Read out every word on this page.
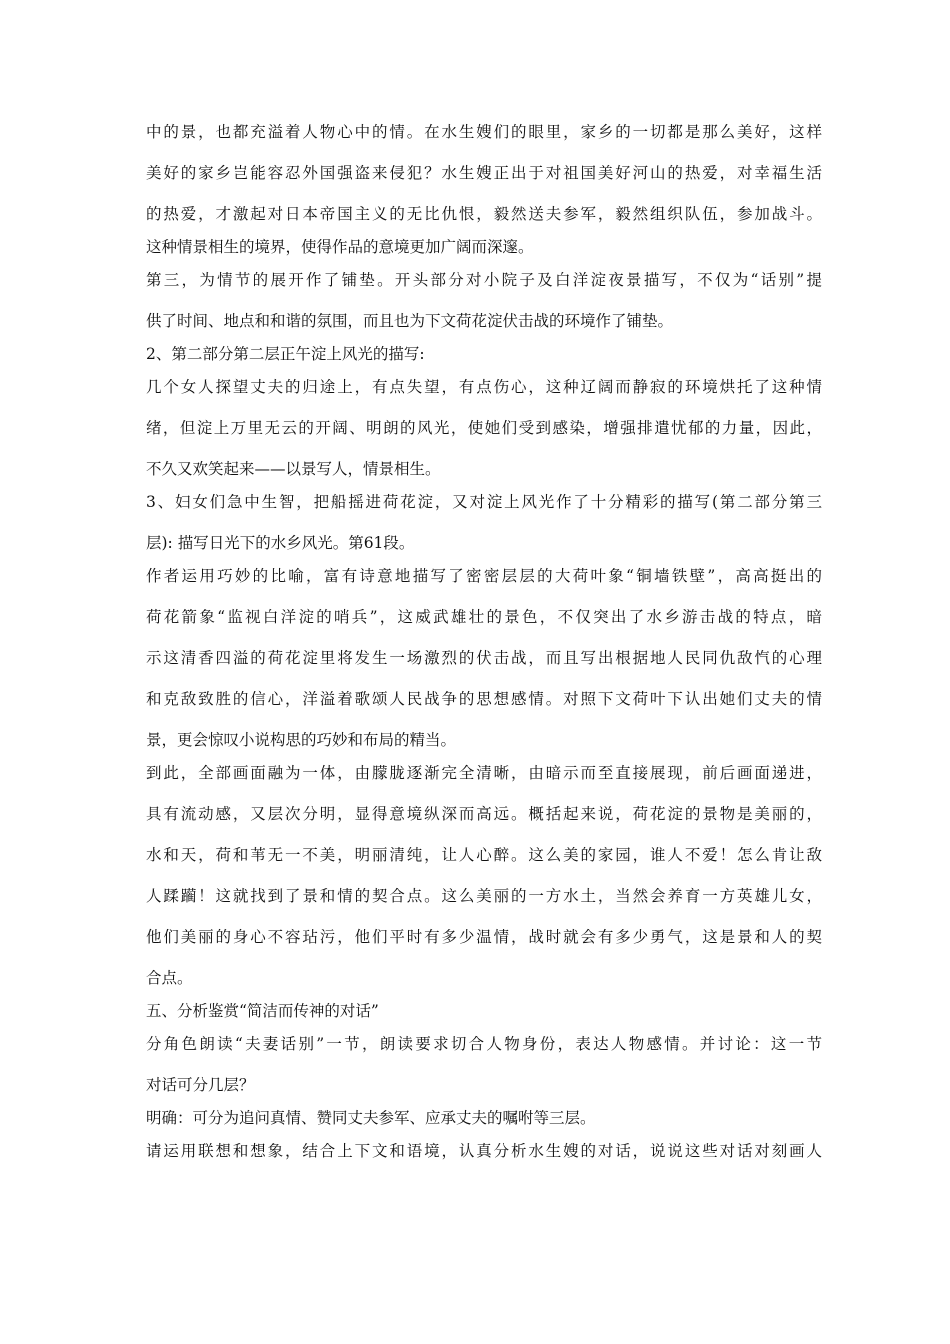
中的景，也都充溢着人物心中的情。在水生嫂们的眼里，家乡的一切都是那么美好，这样
美好的家乡岂能容忍外国强盗来侵犯？水生嫂正出于对祖国美好河山的热爱，对幸福生活
的热爱，才激起对日本帝国主义的无比仇恨，毅然送夫参军，毅然组织队伍，参加战斗。
这种情景相生的境界，使得作品的意境更加广阔而深邃。
第三，为情节的展开作了铺垫。开头部分对小院子及白洋淀夜景描写，不仅为“话别”提
供了时间、地点和和谐的氛围，而且也为下文荷花淀伏击战的环境作了铺垫。
2、第二部分第二层正午淀上风光的描写:
几个女人探望丈夫的归途上，有点失望，有点伤心，这种辽阔而静寂的环境烘托了这种情
绪，但淀上万里无云的开阔、明朗的风光，使她们受到感染，增强排遣忧郁的力量，因此，
不久又欢笑起来——以景写人，情景相生。
3、妇女们急中生智，把船摇进荷花淀，又对淀上风光作了十分精彩的描写(第二部分第三
层): 描写日光下的水乡风光。第61段。
作者运用巧妙的比喻，富有诗意地描写了密密层层的大荷叶象“铜墙铁壁”，高高挺出的
荷花箭象“监视白洋淀的哨兵”，这威武雄壮的景色，不仅突出了水乡游击战的特点，暗
示这清香四溢的荷花淀里将发生一场激烈的伏击战，而且写出根据地人民同仇敌忾的心理
和克敌致胜的信心，洋溢着歌颂人民战争的思想感情。对照下文荷叶下认出她们丈夫的情
景，更会惊叹小说构思的巧妙和布局的精当。
到此，全部画面融为一体，由朦胧逐渐完全清晰，由暗示而至直接展现，前后画面递进，
具有流动感，又层次分明，显得意境纵深而高远。概括起来说，荷花淀的景物是美丽的，
水和天，荷和苇无一不美，明丽清纯，让人心醉。这么美的家园，谁人不爱！怎么肯让敌
人蹂躏！这就找到了景和情的契合点。这么美丽的一方水土，当然会养育一方英雄儿女，
他们美丽的身心不容玷污，他们平时有多少温情，战时就会有多少勇气，这是景和人的契
合点。
五、分析鉴赏“简洁而传神的对话”
分角色朗读“夫妻话别”一节，朗读要求切合人物身份，表达人物感情。并讨论：这一节
对话可分几层？
明确：可分为追问真情、赞同丈夫参军、应承丈夫的嘱咐等三层。
请运用联想和想象，结合上下文和语境，认真分析水生嫂的对话，说说这些对话对刻画人
